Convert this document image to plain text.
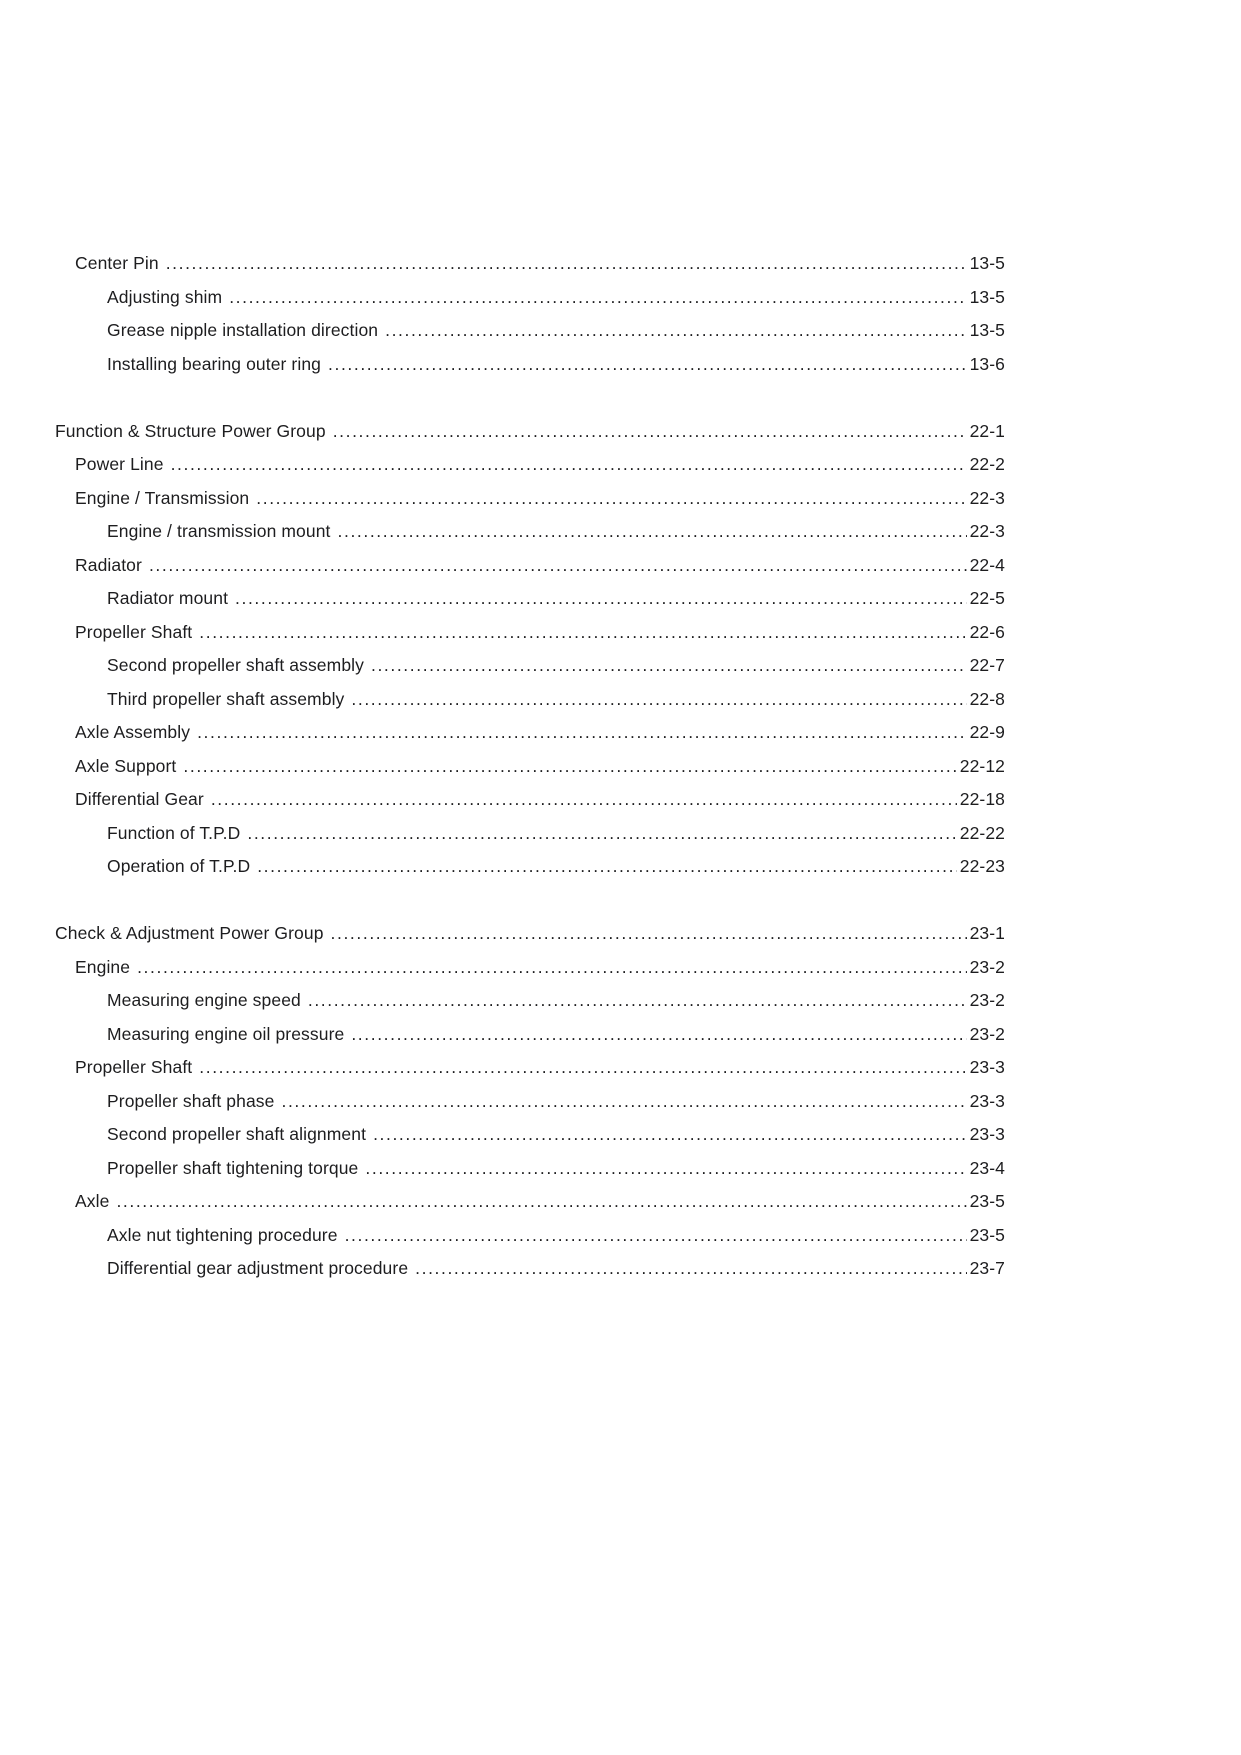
Center Pin .....	13-5
Adjusting shim .....	13-5
Grease nipple installation direction .....	13-5
Installing bearing outer ring .....	13-6
Function & Structure Power Group .....	22-1
Power Line .....	22-2
Engine / Transmission .....	22-3
Engine / transmission mount .....	22-3
Radiator .....	22-4
Radiator mount .....	22-5
Propeller Shaft .....	22-6
Second propeller shaft assembly .....	22-7
Third propeller shaft assembly .....	22-8
Axle Assembly .....	22-9
Axle Support .....	22-12
Differential Gear .....	22-18
Function of T.P.D .....	22-22
Operation of T.P.D .....	22-23
Check & Adjustment Power Group .....	23-1
Engine .....	23-2
Measuring engine speed .....	23-2
Measuring engine oil pressure .....	23-2
Propeller Shaft .....	23-3
Propeller shaft phase .....	23-3
Second propeller shaft alignment .....	23-3
Propeller shaft tightening torque .....	23-4
Axle .....	23-5
Axle nut tightening procedure .....	23-5
Differential gear adjustment procedure .....	23-7
